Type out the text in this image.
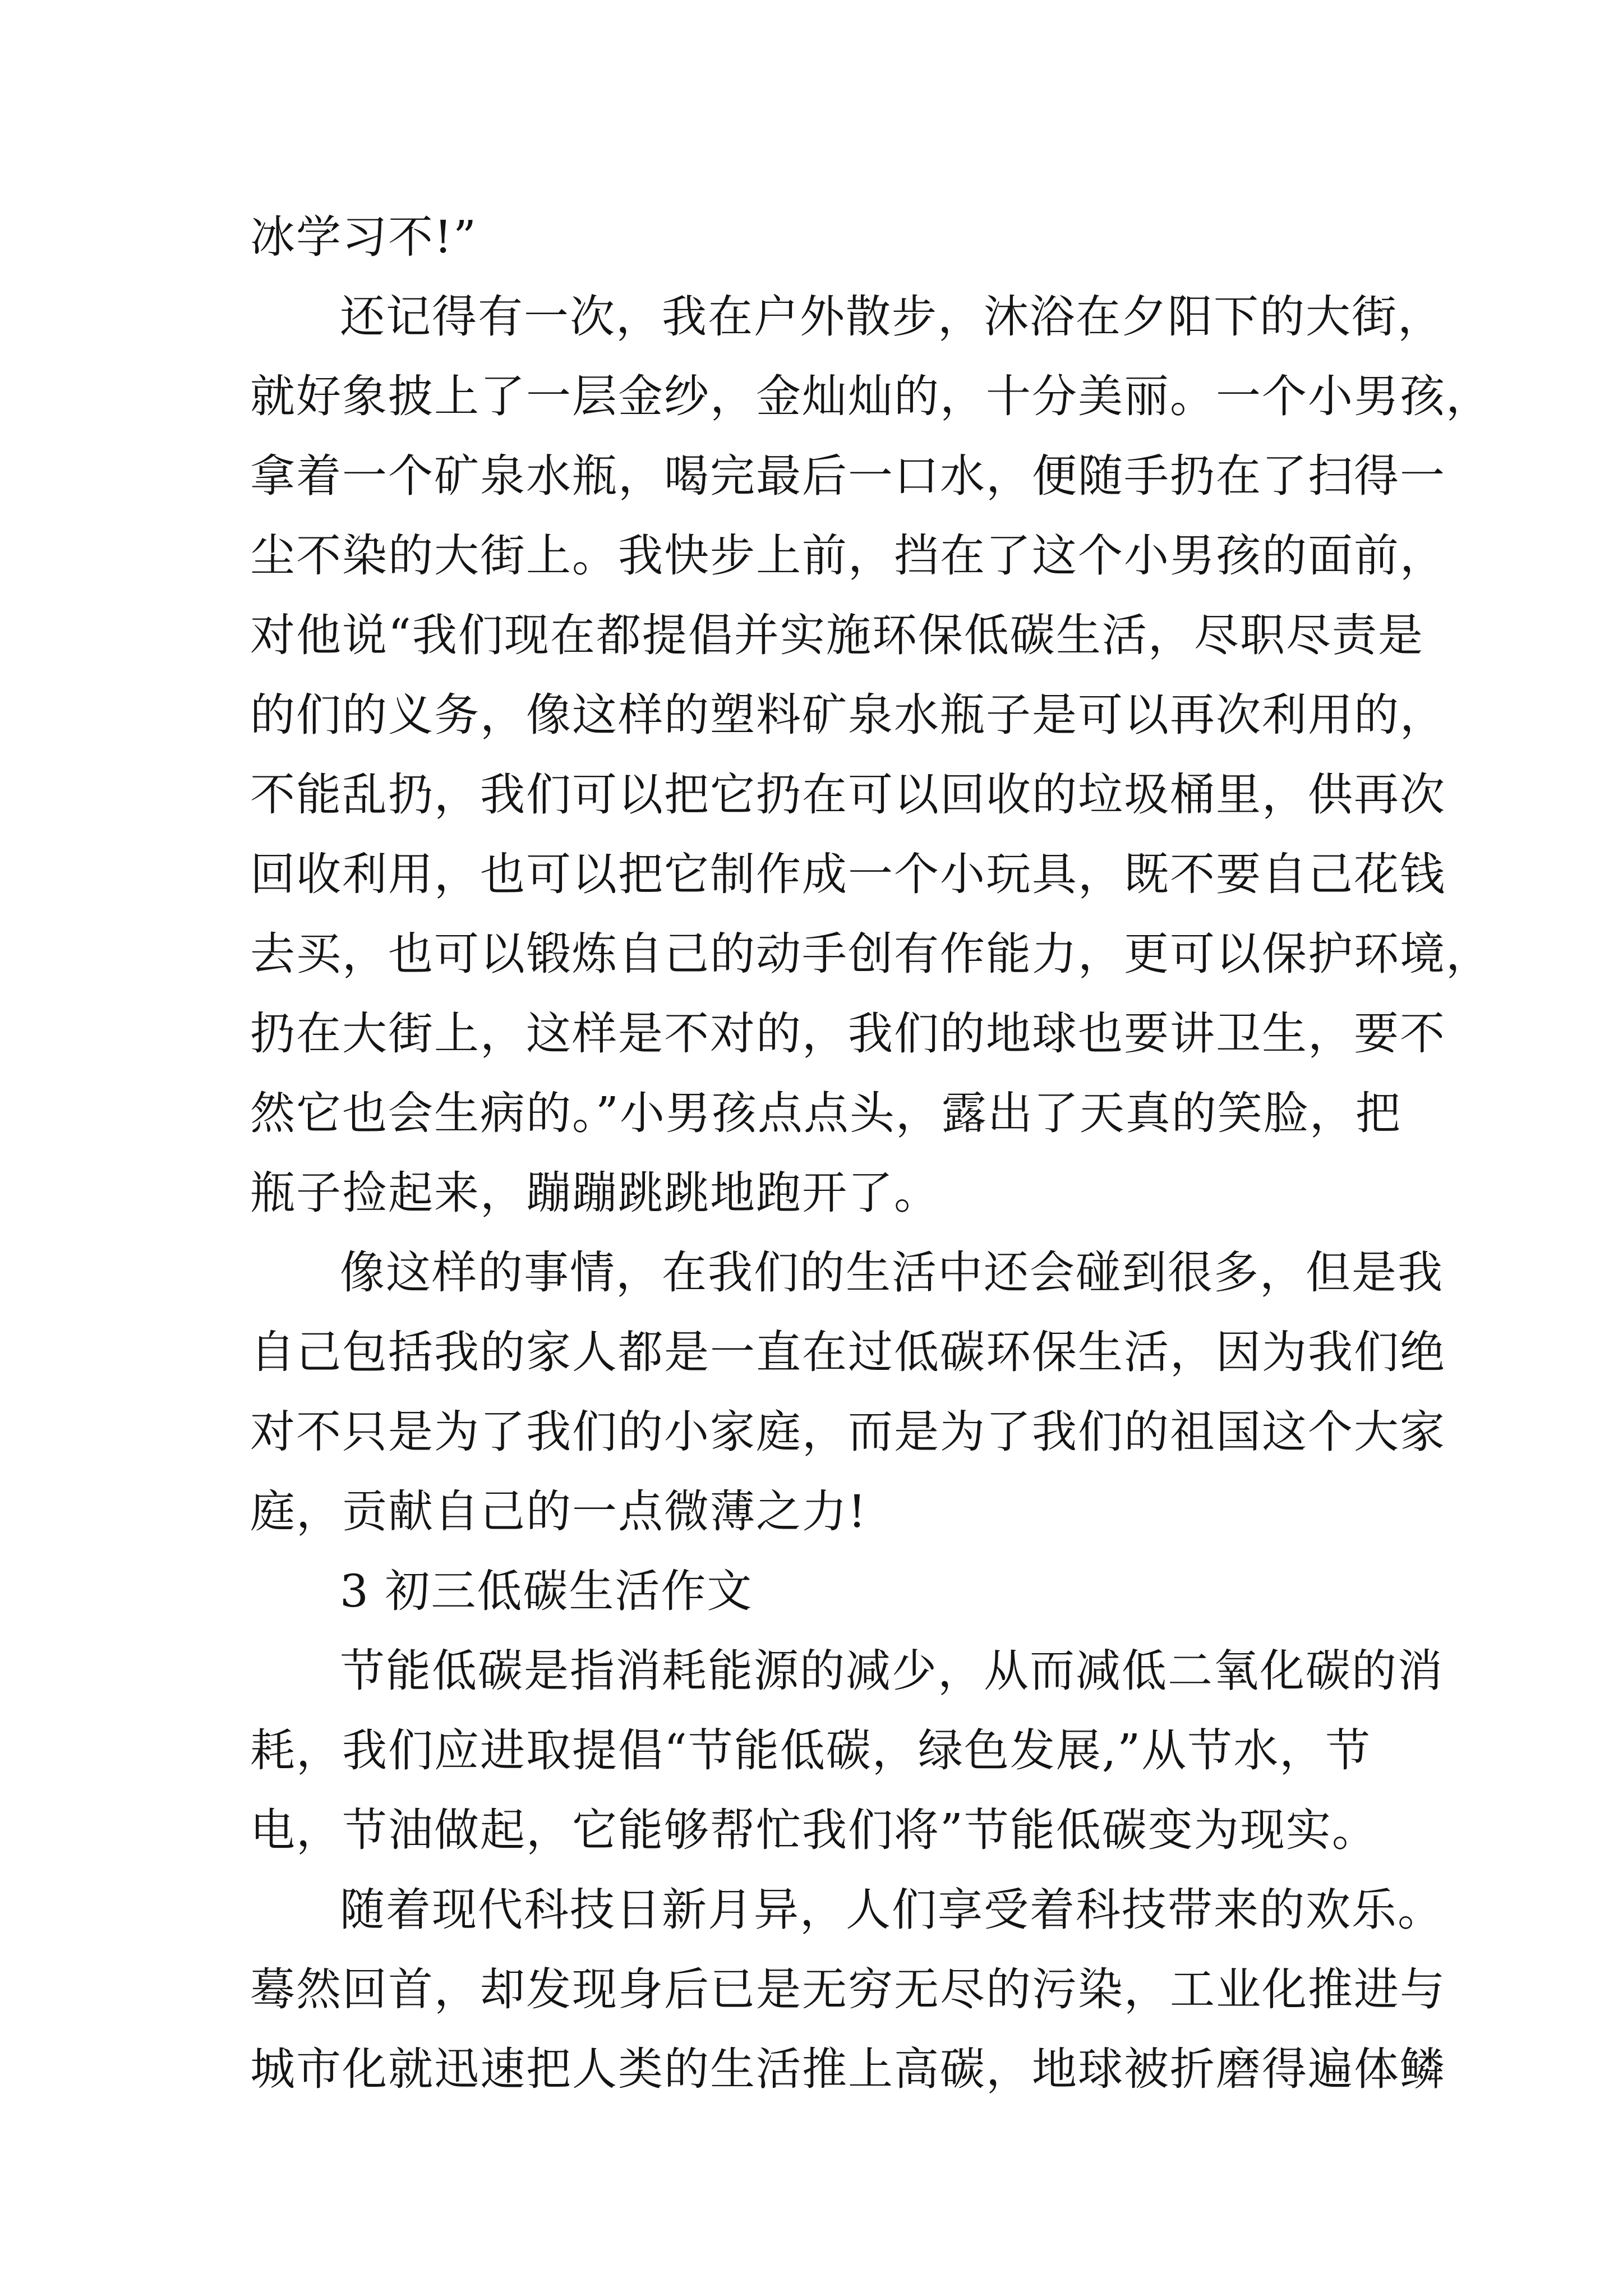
冰学习不!”
还记得有一次，我在户外散步，沐浴在夕阳下的大街，
就好象披上了一层金纱，金灿灿的，十分美丽。一个小男孩，
拿着一个矿泉水瓶，喝完最后一口水，便随手扔在了扫得一
尘不染的大街上。我快步上前，挡在了这个小男孩的面前，
对他说“我们现在都提倡并实施环保低碳生活，尽职尽责是
的们的义务，像这样的塑料矿泉水瓶子是可以再次利用的，
不能乱扔，我们可以把它扔在可以回收的垃圾桶里，供再次
回收利用，也可以把它制作成一个小玩具，既不要自己花钱
去买，也可以锻炼自己的动手创有作能力，更可以保护环境，
扔在大街上，这样是不对的，我们的地球也要讲卫生，要不
然它也会生病的。”小男孩点点头，露出了天真的笑脸，把
瓶子捡起来，蹦蹦跳跳地跑开了。
像这样的事情，在我们的生活中还会碰到很多，但是我
自己包括我的家人都是一直在过低碳环保生活，因为我们绝
对不只是为了我们的小家庭，而是为了我们的祖国这个大家
庭，贡献自己的一点微薄之力!
3 初三低碳生活作文
节能低碳是指消耗能源的减少，从而减低二氧化碳的消
耗，我们应进取提倡“节能低碳，绿色发展,”从节水，节
电，节油做起，它能够帮忙我们将”节能低碳变为现实。
随着现代科技日新月异，人们享受着科技带来的欢乐。
蓦然回首，却发现身后已是无穷无尽的污染，工业化推进与
城市化就迅速把人类的生活推上高碳，地球被折磨得遍体鳞
